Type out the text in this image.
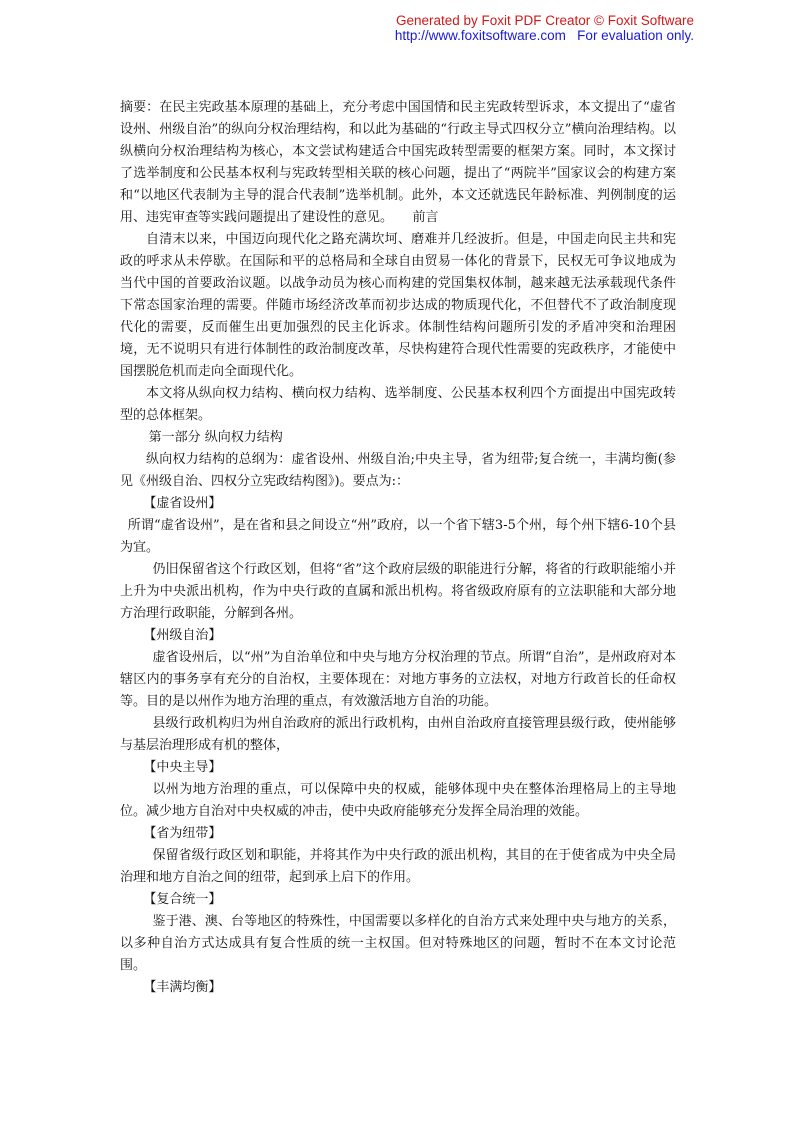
Generated by Foxit PDF Creator © Foxit Software
http://www.foxitsoftware.com   For evaluation only.

摘要：在民主宪政基本原理的基础上，充分考虑中国国情和民主宪政转型诉求，本文提出了“虚省设州、州级自治”的纵向分权治理结构，和以此为基础的“行政主导式四权分立”横向治理结构。以纵横向分权治理结构为核心，本文尝试构建适合中国宪政转型需要的框架方案。同时，本文探讨了选举制度和公民基本权利与宪政转型相关联的核心问题，提出了“两院半”国家议会的构建方案和“以地区代表制为主导的混合代表制”选举机制。此外，本文还就选民年龄标准、判例制度的运用、违宪审查等实践问题提出了建设性的意见。　　前言

自清末以来，中国迈向现代化之路充满坎坷、磨难并几经波折。但是，中国走向民主共和宪政的呼求从未停歇。在国际和平的总格局和全球自由贸易一体化的背景下，民权无可争议地成为当代中国的首要政治议题。以战争动员为核心而构建的党国集权体制，越来越无法承载现代条件下常态国家治理的需要。伴随市场经济改革而初步达成的物质现代化，不但替代不了政治制度现代化的需要，反而催生出更加强烈的民主化诉求。体制性结构问题所引发的矛盾冲突和治理困境，无不说明只有进行体制性的政治制度改革，尽快构建符合现代性需要的宪政秩序，才能使中国摆脱危机而走向全面现代化。

本文将从纵向权力结构、横向权力结构、选举制度、公民基本权利四个方面提出中国宪政转型的总体框架。

第一部分 纵向权力结构

纵向权力结构的总纲为：虚省设州、州级自治;中央主导，省为纽带;复合统一，丰满均衡(参见《州级自治、四权分立宪政结构图》)。要点为:：

【虚省设州】

所谓“虚省设州”，是在省和县之间设立“州”政府，以一个省下辖3-5个州，每个州下辖6-10个县为宜。

仍旧保留省这个行政区划，但将“省”这个政府层级的职能进行分解，将省的行政职能缩小并上升为中央派出机构，作为中央行政的直属和派出机构。将省级政府原有的立法职能和大部分地方治理行政职能，分解到各州。

【州级自治】

虚省设州后，以“州”为自治单位和中央与地方分权治理的节点。所谓“自治”，是州政府对本辖区内的事务享有充分的自治权，主要体现在：对地方事务的立法权，对地方行政首长的任命权等。目的是以州作为地方治理的重点，有效激活地方自治的功能。

县级行政机构归为州自治政府的派出行政机构，由州自治政府直接管理县级行政，使州能够与基层治理形成有机的整体，

【中央主导】

以州为地方治理的重点，可以保障中央的权威，能够体现中央在整体治理格局上的主导地位。减少地方自治对中央权威的冲击，使中央政府能够充分发挥全局治理的效能。

【省为纽带】

保留省级行政区划和职能，并将其作为中央行政的派出机构，其目的在于使省成为中央全局治理和地方自治之间的纽带，起到承上启下的作用。

【复合统一】

鉴于港、澳、台等地区的特殊性，中国需要以多样化的自治方式来处理中央与地方的关系，以多种自治方式达成具有复合性质的统一主权国。但对特殊地区的问题，暂时不在本文讨论范围。

【丰满均衡】
